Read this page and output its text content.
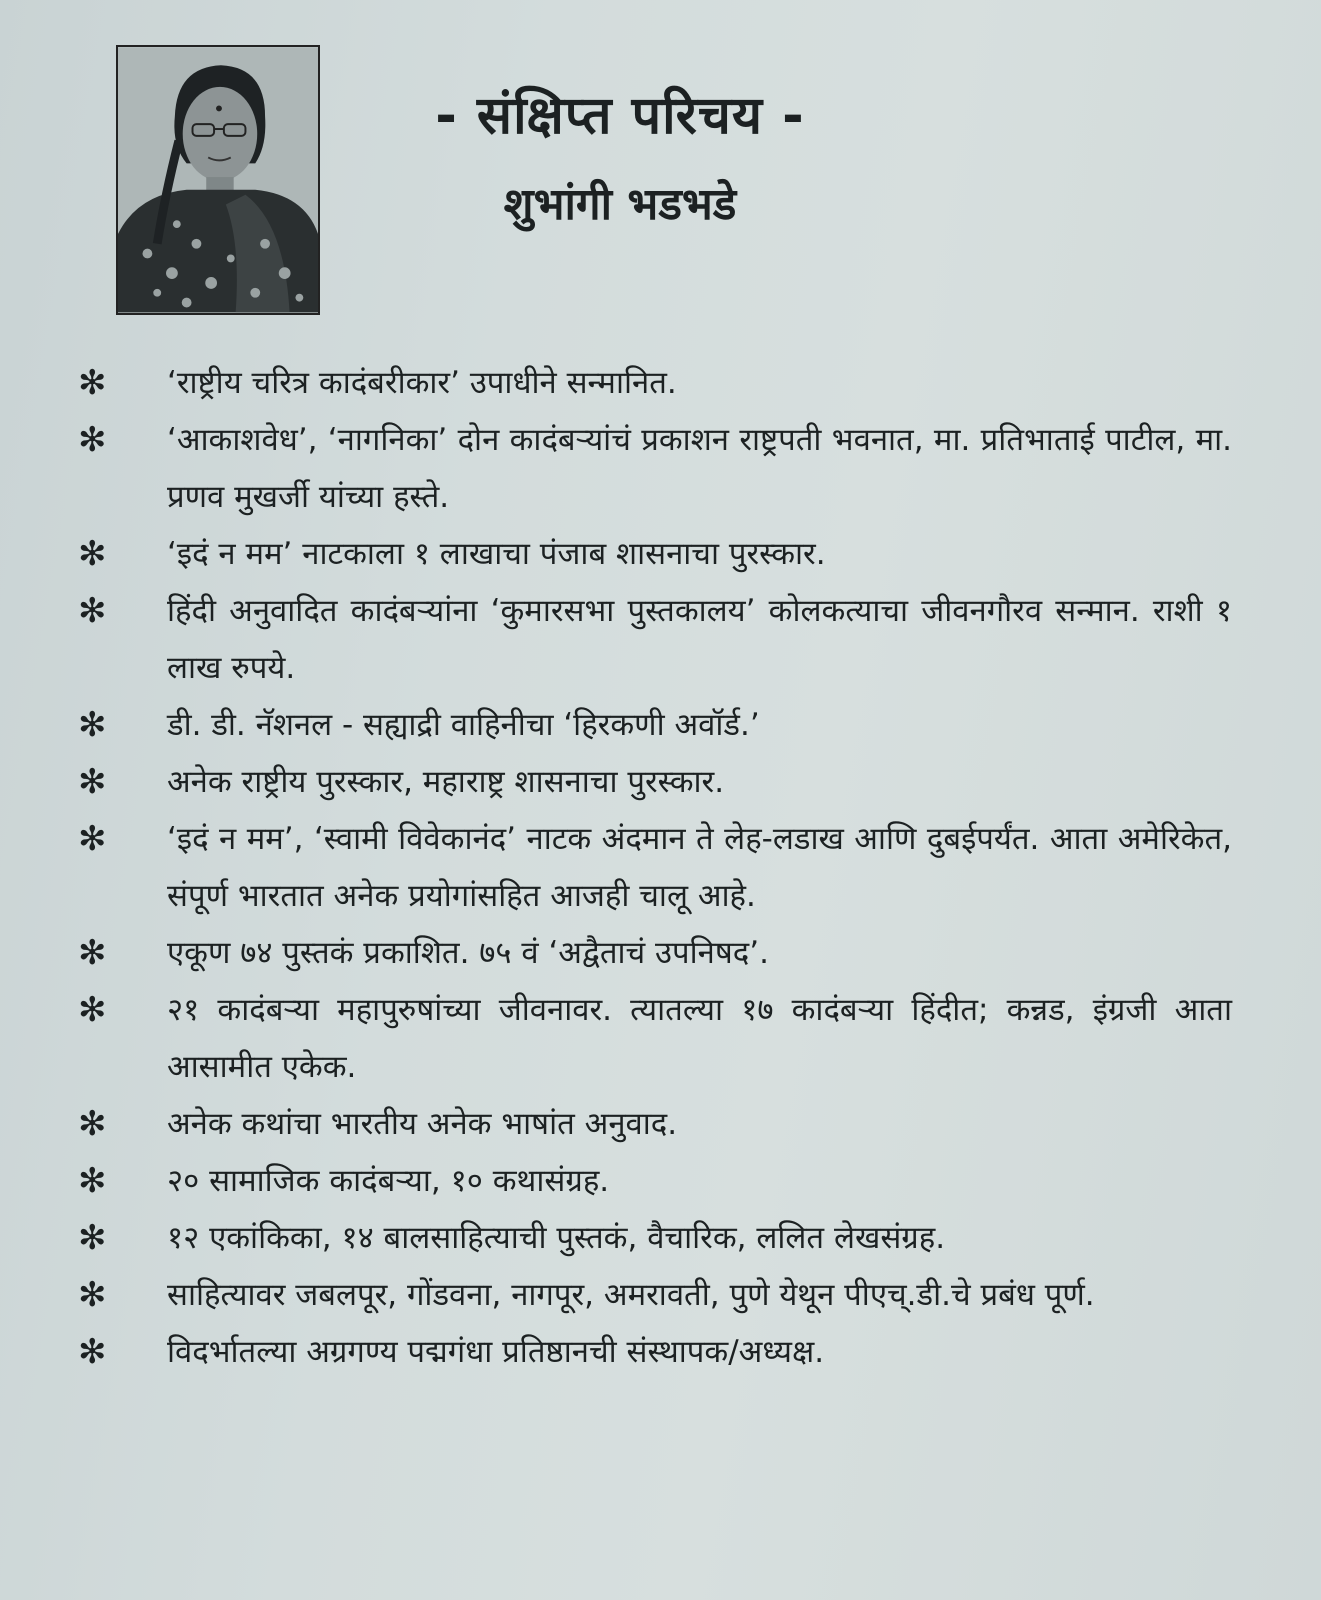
- संक्षिप्त परिचय -
शुभांगी भडभडे
✻ ‘राष्ट्रीय चरित्र कादंबरीकार’ उपाधीने सन्मानित.
✻ ‘आकाशवेध’, ‘नागनिका’ दोन कादंबऱ्यांचं प्रकाशन राष्ट्रपती भवनात, मा. प्रतिभाताई पाटील, मा. प्रणव मुखर्जी यांच्या हस्ते.
✻ ‘इदं न मम’ नाटकाला १ लाखाचा पंजाब शासनाचा पुरस्कार.
✻ हिंदी अनुवादित कादंबऱ्यांना ‘कुमारसभा पुस्तकालय’ कोलकत्याचा जीवनगौरव सन्मान. राशी १ लाख रुपये.
✻ डी. डी. नॅशनल - सह्याद्री वाहिनीचा ‘हिरकणी अवॉर्ड.’
✻ अनेक राष्ट्रीय पुरस्कार, महाराष्ट्र शासनाचा पुरस्कार.
✻ ‘इदं न मम’, ‘स्वामी विवेकानंद’ नाटक अंदमान ते लेह-लडाख आणि दुबईपर्यंत. आता अमेरिकेत, संपूर्ण भारतात अनेक प्रयोगांसहित आजही चालू आहे.
✻ एकूण ७४ पुस्तकं प्रकाशित. ७५ वं ‘अद्वैताचं उपनिषद’.
✻ २१ कादंबऱ्या महापुरुषांच्या जीवनावर. त्यातल्या १७ कादंबऱ्या हिंदीत; कन्नड, इंग्रजी आता आसामीत एकेक.
✻ अनेक कथांचा भारतीय अनेक भाषांत अनुवाद.
✻ २० सामाजिक कादंबऱ्या, १० कथासंग्रह.
✻ १२ एकांकिका, १४ बालसाहित्याची पुस्तकं, वैचारिक, ललित लेखसंग्रह.
✻ साहित्यावर जबलपूर, गोंडवना, नागपूर, अमरावती, पुणे येथून पीएच्.डी.चे प्रबंध पूर्ण.
✻ विदर्भातल्या अग्रगण्य पद्मगंधा प्रतिष्ठानची संस्थापक/अध्यक्ष.
